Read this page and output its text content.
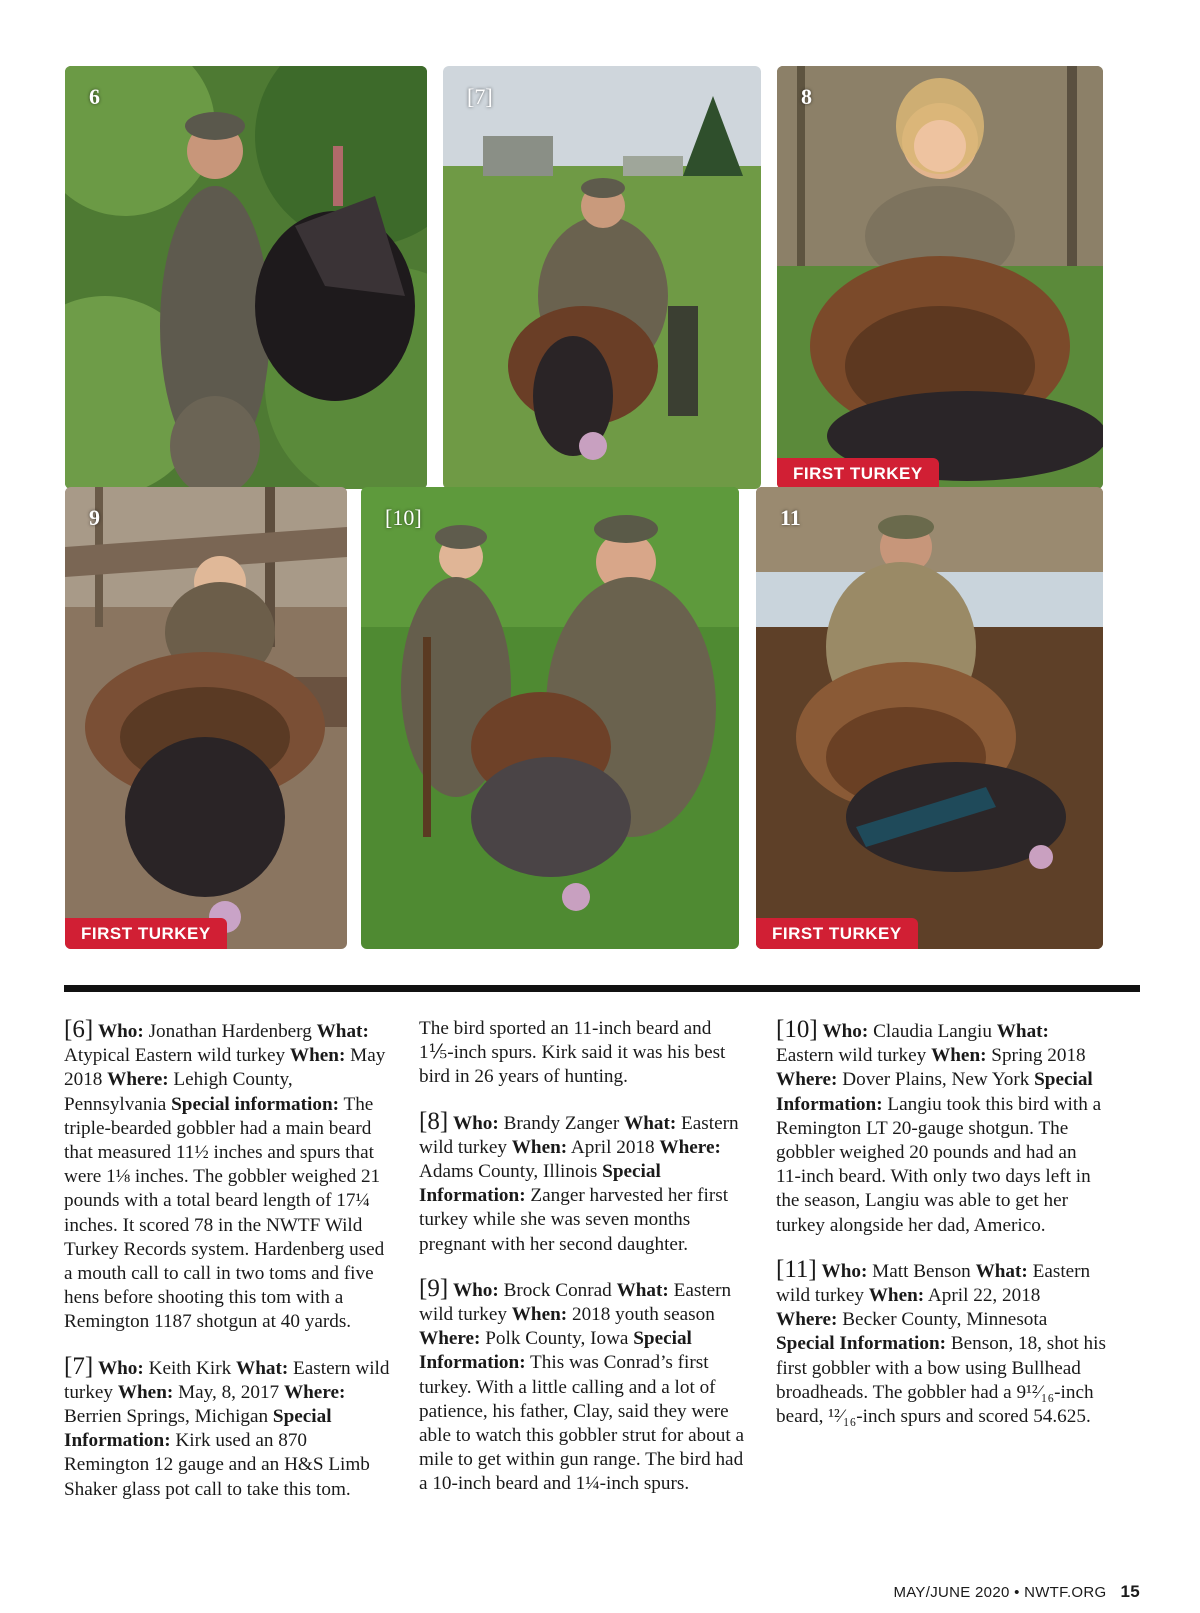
6	[7]	8
FIRST TURKEY
9
FIRST TURKEY
[10]	11
FIRST TURKEY

[6] Who: Jonathan Hardenberg What: Atypical Eastern wild turkey When: May 2018 Where: Lehigh County, Pennsylvania Special information: The triple-bearded gobbler had a main beard that measured 11½ inches and spurs that were 1⅛ inches. The gobbler weighed 21 pounds with a total beard length of 17¼ inches. It scored 78 in the NWTF Wild Turkey Records system. Hardenberg used a mouth call to call in two toms and five hens before shooting this tom with a Remington 1187 shotgun at 40 yards.

[7] Who: Keith Kirk What: Eastern wild turkey When: May, 8, 2017 Where: Berrien Springs, Michigan Special Information: Kirk used an 870 Remington 12 gauge and an H&S Limb Shaker glass pot call to take this tom.

The bird sported an 11-inch beard and 1⅕-inch spurs. Kirk said it was his best bird in 26 years of hunting.

[8] Who: Brandy Zanger What: Eastern wild turkey When: April 2018 Where: Adams County, Illinois Special Information: Zanger harvested her first turkey while she was seven months pregnant with her second daughter.

[9] Who: Brock Conrad What: Eastern wild turkey When: 2018 youth season Where: Polk County, Iowa Special Information: This was Conrad’s first turkey. With a little calling and a lot of patience, his father, Clay, said they were able to watch this gobbler strut for about a mile to get within gun range. The bird had a 10-inch beard and 1¼-inch spurs.

[10] Who: Claudia Langiu What: Eastern wild turkey When: Spring 2018 Where: Dover Plains, New York Special Information: Langiu took this bird with a Remington LT 20-gauge shotgun. The gobbler weighed 20 pounds and had an 11-inch beard. With only two days left in the season, Langiu was able to get her turkey alongside her dad, Americo.

[11] Who: Matt Benson What: Eastern wild turkey When: April 22, 2018 Where: Becker County, Minnesota Special Information: Benson, 18, shot his first gobbler with a bow using Bullhead broadheads. The gobbler had a 9¹²⁄₁₆-inch beard, ¹²⁄₁₆-inch spurs and scored 54.625.

MAY/JUNE 2020 • NWTF.ORG 15
